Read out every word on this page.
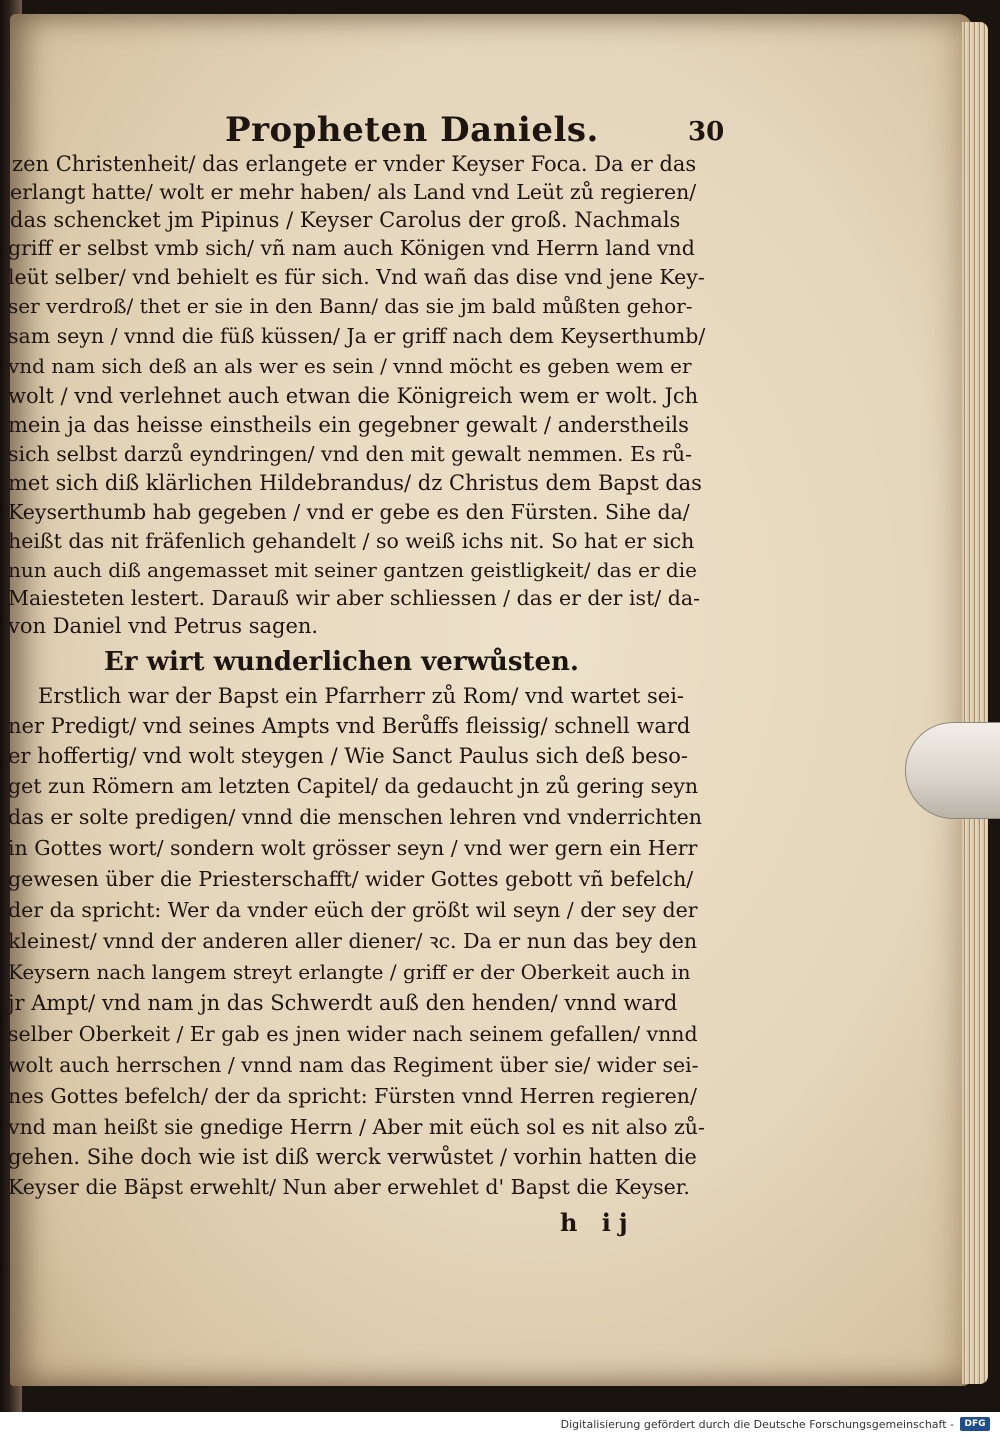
Propheten Daniels.	30
zen Christenheit/ das erlangete er vnder Keyser Foca. Da er das
erlangt hatte/ wolt er mehr haben/ als Land vnd Leüt zů regieren/
das schencket jm Pipinus / Keyser Carolus der groß. Nachmals
griff er selbst vmb sich/ vñ nam auch Königen vnd Herrn land vnd
leüt selber/ vnd behielt es für sich. Vnd wañ das dise vnd jene Key-
ser verdroß/ thet er sie in den Bann/ das sie jm bald můßten gehor-
sam seyn / vnnd die füß küssen/ Ja er griff nach dem Keyserthumb/
vnd nam sich deß an als wer es sein / vnnd möcht es geben wem er
wolt / vnd verlehnet auch etwan die Königreich wem er wolt. Jch
mein ja das heisse einstheils ein gegebner gewalt / anderstheils
sich selbst darzů eyndringen/ vnd den mit gewalt nemmen. Es rů-
met sich diß klärlichen Hildebrandus/ dz Christus dem Bapst das
Keyserthumb hab gegeben / vnd er gebe es den Fürsten. Sihe da/
heißt das nit fräfenlich gehandelt / so weiß ichs nit. So hat er sich
nun auch diß angemasset mit seiner gantzen geistligkeit/ das er die
Maiesteten lestert. Darauß wir aber schliessen / das er der ist/ da-
von Daniel vnd Petrus sagen.
Er wirt wunderlichen verwůsten.
Erstlich war der Bapst ein Pfarrherr zů Rom/ vnd wartet sei-
ner Predigt/ vnd seines Ampts vnd Berůffs fleissig/ schnell ward
er hoffertig/ vnd wolt steygen / Wie Sanct Paulus sich deß beso-
get zun Römern am letzten Capitel/ da gedaucht jn zů gering seyn
das er solte predigen/ vnnd die menschen lehren vnd vnderrichten
in Gottes wort/ sondern wolt grösser seyn / vnd wer gern ein Herr
gewesen über die Priesterschafft/ wider Gottes gebott vñ befelch/
der da spricht: Wer da vnder eüch der größt wil seyn / der sey der
kleinest/ vnnd der anderen aller diener/ ꝛc. Da er nun das bey den
Keysern nach langem streyt erlangte / griff er der Oberkeit auch in
jr Ampt/ vnd nam jn das Schwerdt auß den henden/ vnnd ward
selber Oberkeit / Er gab es jnen wider nach seinem gefallen/ vnnd
wolt auch herrschen / vnnd nam das Regiment über sie/ wider sei-
nes Gottes befelch/ der da spricht: Fürsten vnnd Herren regieren/
vnd man heißt sie gnedige Herrn / Aber mit eüch sol es nit also zů-
gehen. Sihe doch wie ist diß werck verwůstet / vorhin hatten die
Keyser die Bäpst erwehlt/ Nun aber erwehlet d' Bapst die Keyser.
h ij
Digitalisierung gefördert durch die Deutsche Forschungsgemeinschaft -	DFG
